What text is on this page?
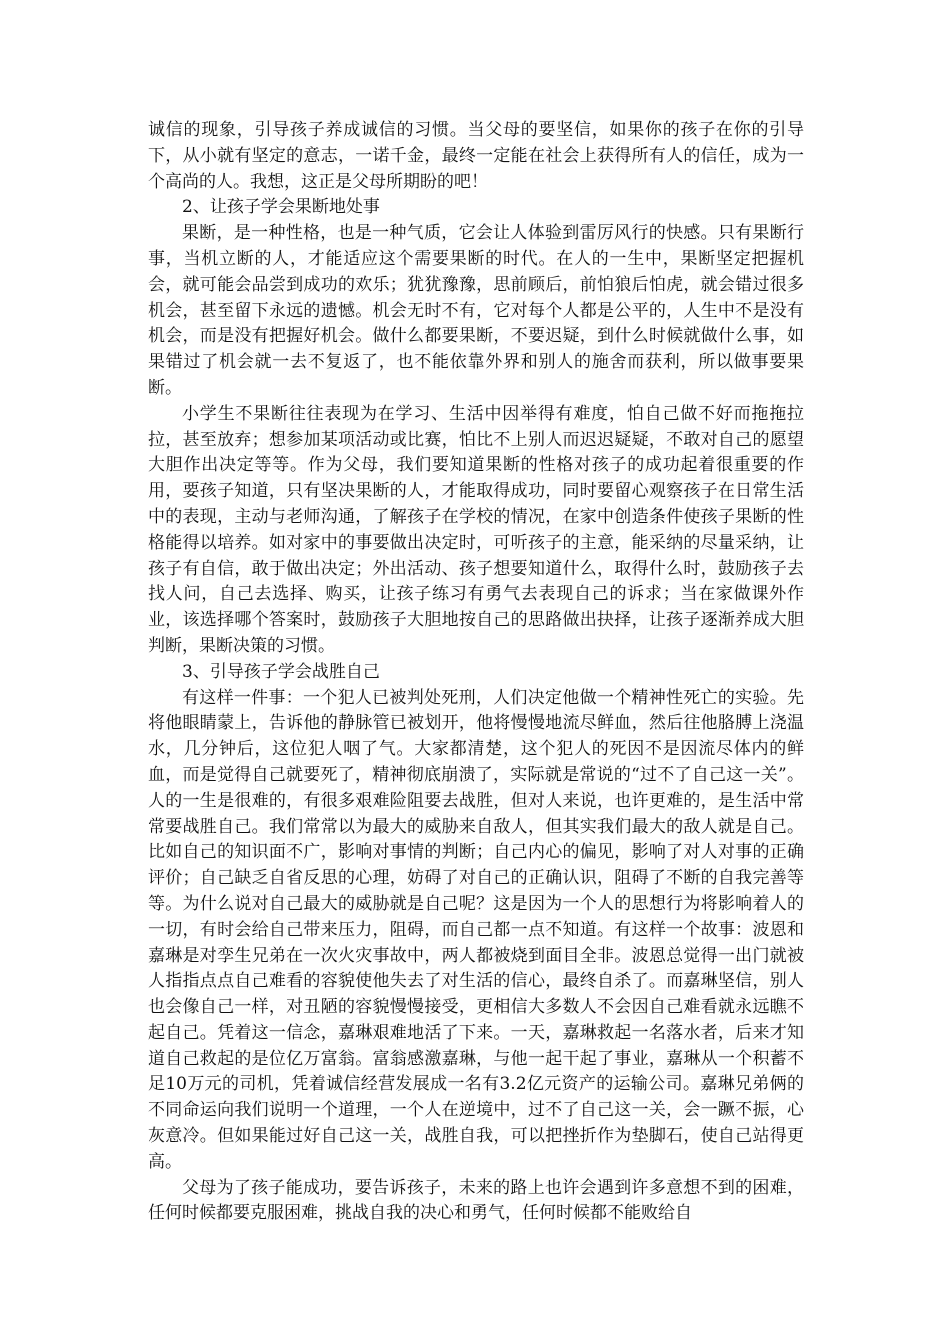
诚信的现象，引导孩子养成诚信的习惯。当父母的要坚信，如果你的孩子在你的引导下，从小就有坚定的意志，一诺千金，最终一定能在社会上获得所有人的信任，成为一个高尚的人。我想，这正是父母所期盼的吧！

2、让孩子学会果断地处事

果断，是一种性格，也是一种气质，它会让人体验到雷厉风行的快感。只有果断行事，当机立断的人，才能适应这个需要果断的时代。在人的一生中，果断坚定把握机会，就可能会品尝到成功的欢乐；犹犹豫豫，思前顾后，前怕狼后怕虎，就会错过很多机会，甚至留下永远的遗憾。机会无时不有，它对每个人都是公平的，人生中不是没有机会，而是没有把握好机会。做什么都要果断，不要迟疑，到什么时候就做什么事，如果错过了机会就一去不复返了，也不能依靠外界和别人的施舍而获利，所以做事要果断。

小学生不果断往往表现为在学习、生活中因举得有难度，怕自己做不好而拖拖拉拉，甚至放弃；想参加某项活动或比赛，怕比不上别人而迟迟疑疑，不敢对自己的愿望大胆作出决定等等。作为父母，我们要知道果断的性格对孩子的成功起着很重要的作用，要孩子知道，只有坚决果断的人，才能取得成功，同时要留心观察孩子在日常生活中的表现，主动与老师沟通，了解孩子在学校的情况，在家中创造条件使孩子果断的性格能得以培养。如对家中的事要做出决定时，可听孩子的主意，能采纳的尽量采纳，让孩子有自信，敢于做出决定；外出活动、孩子想要知道什么，取得什么时，鼓励孩子去找人问，自己去选择、购买，让孩子练习有勇气去表现自己的诉求；当在家做课外作业，该选择哪个答案时，鼓励孩子大胆地按自己的思路做出抉择，让孩子逐渐养成大胆判断，果断决策的习惯。

3、引导孩子学会战胜自己

有这样一件事：一个犯人已被判处死刑，人们决定他做一个精神性死亡的实验。先将他眼睛蒙上，告诉他的静脉管已被划开，他将慢慢地流尽鲜血，然后往他胳膊上浇温水，几分钟后，这位犯人咽了气。大家都清楚，这个犯人的死因不是因流尽体内的鲜血，而是觉得自己就要死了，精神彻底崩溃了，实际就是常说的“过不了自己这一关”。人的一生是很难的，有很多艰难险阻要去战胜，但对人来说，也许更难的，是生活中常常要战胜自己。我们常常以为最大的威胁来自敌人，但其实我们最大的敌人就是自己。比如自己的知识面不广，影响对事情的判断；自己内心的偏见，影响了对人对事的正确评价；自己缺乏自省反思的心理，妨碍了对自己的正确认识，阻碍了不断的自我完善等等。为什么说对自己最大的威胁就是自己呢？这是因为一个人的思想行为将影响着人的一切，有时会给自己带来压力，阻碍，而自己都一点不知道。有这样一个故事：波恩和嘉琳是对孪生兄弟在一次火灾事故中，两人都被烧到面目全非。波恩总觉得一出门就被人指指点点自己难看的容貌使他失去了对生活的信心，最终自杀了。而嘉琳坚信，别人也会像自己一样，对丑陋的容貌慢慢接受，更相信大多数人不会因自己难看就永远瞧不起自己。凭着这一信念，嘉琳艰难地活了下来。一天，嘉琳救起一名落水者，后来才知道自己救起的是位亿万富翁。富翁感激嘉琳，与他一起干起了事业，嘉琳从一个积蓄不足10万元的司机，凭着诚信经营发展成一名有3.2亿元资产的运输公司。嘉琳兄弟俩的不同命运向我们说明一个道理，一个人在逆境中，过不了自己这一关，会一蹶不振，心灰意冷。但如果能过好自己这一关，战胜自我，可以把挫折作为垫脚石，使自己站得更高。

父母为了孩子能成功，要告诉孩子，未来的路上也许会遇到许多意想不到的困难，任何时候都要克服困难，挑战自我的决心和勇气，任何时候都不能败给自
